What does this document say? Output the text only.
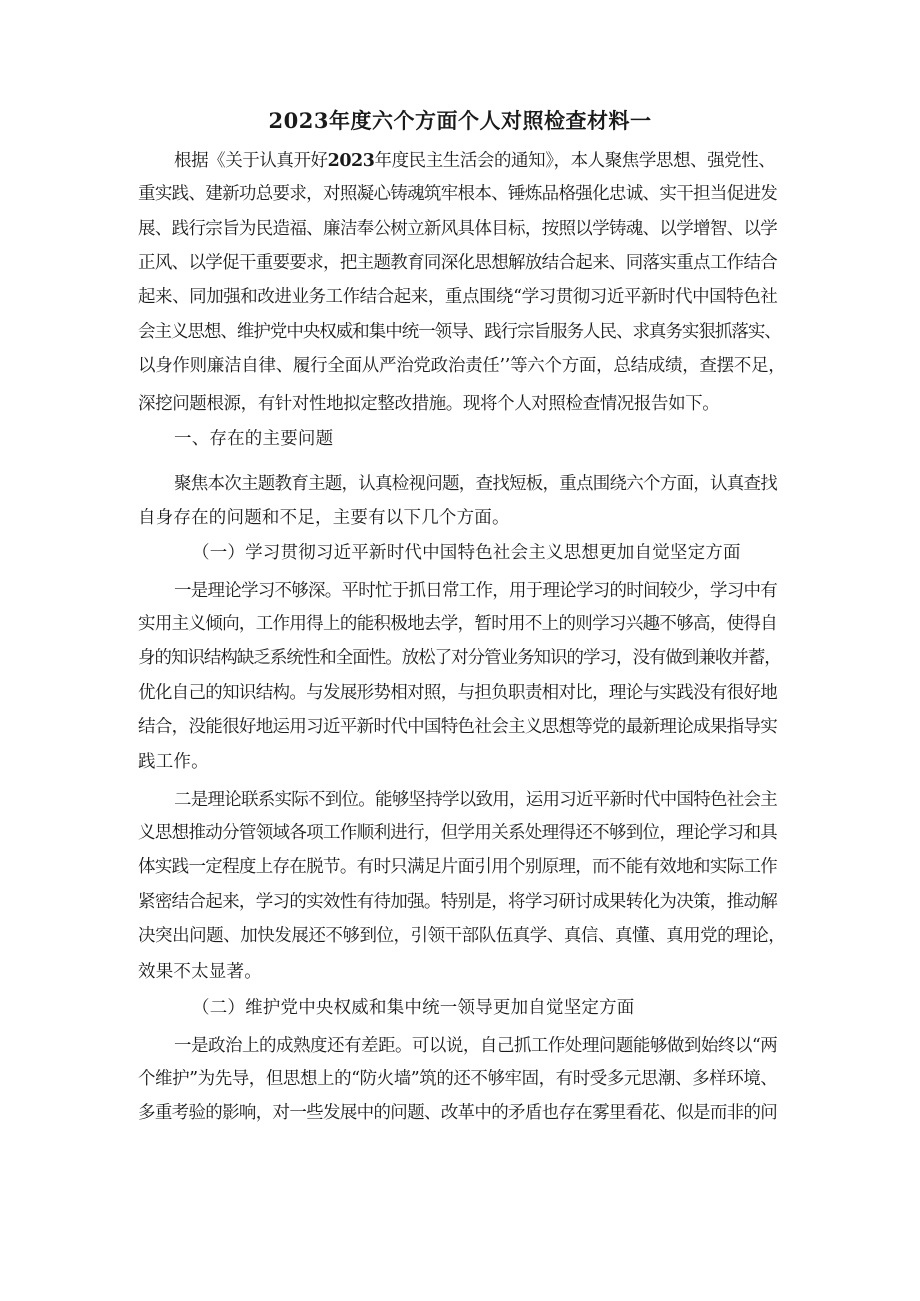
2023年度六个方面个人对照检查材料一
根据《关于认真开好2023年度民主生活会的通知》，本人聚焦学思想、强党性、
重实践、建新功总要求，对照凝心铸魂筑牢根本、锤炼品格强化忠诚、实干担当促进发
展、践行宗旨为民造福、廉洁奉公树立新风具体目标，按照以学铸魂、以学增智、以学
正风、以学促干重要要求，把主题教育同深化思想解放结合起来、同落实重点工作结合
起来、同加强和改进业务工作结合起来，重点围绕“学习贯彻习近平新时代中国特色社
会主义思想、维护党中央权威和集中统一领导、践行宗旨服务人民、求真务实狠抓落实、
以身作则廉洁自律、履行全面从严治党政治责任’’等六个方面，总结成绩，查摆不足，
深挖问题根源，有针对性地拟定整改措施。现将个人对照检查情况报告如下。
一、存在的主要问题
聚焦本次主题教育主题，认真检视问题，查找短板，重点围绕六个方面，认真查找
自身存在的问题和不足，主要有以下几个方面。
（一）学习贯彻习近平新时代中国特色社会主义思想更加自觉坚定方面
一是理论学习不够深。平时忙于抓日常工作，用于理论学习的时间较少，学习中有
实用主义倾向，工作用得上的能积极地去学，暂时用不上的则学习兴趣不够高，使得自
身的知识结构缺乏系统性和全面性。放松了对分管业务知识的学习，没有做到兼收并蓄，
优化自己的知识结构。与发展形势相对照，与担负职责相对比，理论与实践没有很好地
结合，没能很好地运用习近平新时代中国特色社会主义思想等党的最新理论成果指导实
践工作。
二是理论联系实际不到位。能够坚持学以致用，运用习近平新时代中国特色社会主
义思想推动分管领域各项工作顺利进行，但学用关系处理得还不够到位，理论学习和具
体实践一定程度上存在脱节。有时只满足片面引用个别原理，而不能有效地和实际工作
紧密结合起来，学习的实效性有待加强。特别是，将学习研讨成果转化为决策，推动解
决突出问题、加快发展还不够到位，引领干部队伍真学、真信、真懂、真用党的理论，
效果不太显著。
（二）维护党中央权威和集中统一领导更加自觉坚定方面
一是政治上的成熟度还有差距。可以说，自己抓工作处理问题能够做到始终以“两
个维护”为先导，但思想上的“防火墙”筑的还不够牢固，有时受多元思潮、多样环境、
多重考验的影响，对一些发展中的问题、改革中的矛盾也存在雾里看花、似是而非的问
